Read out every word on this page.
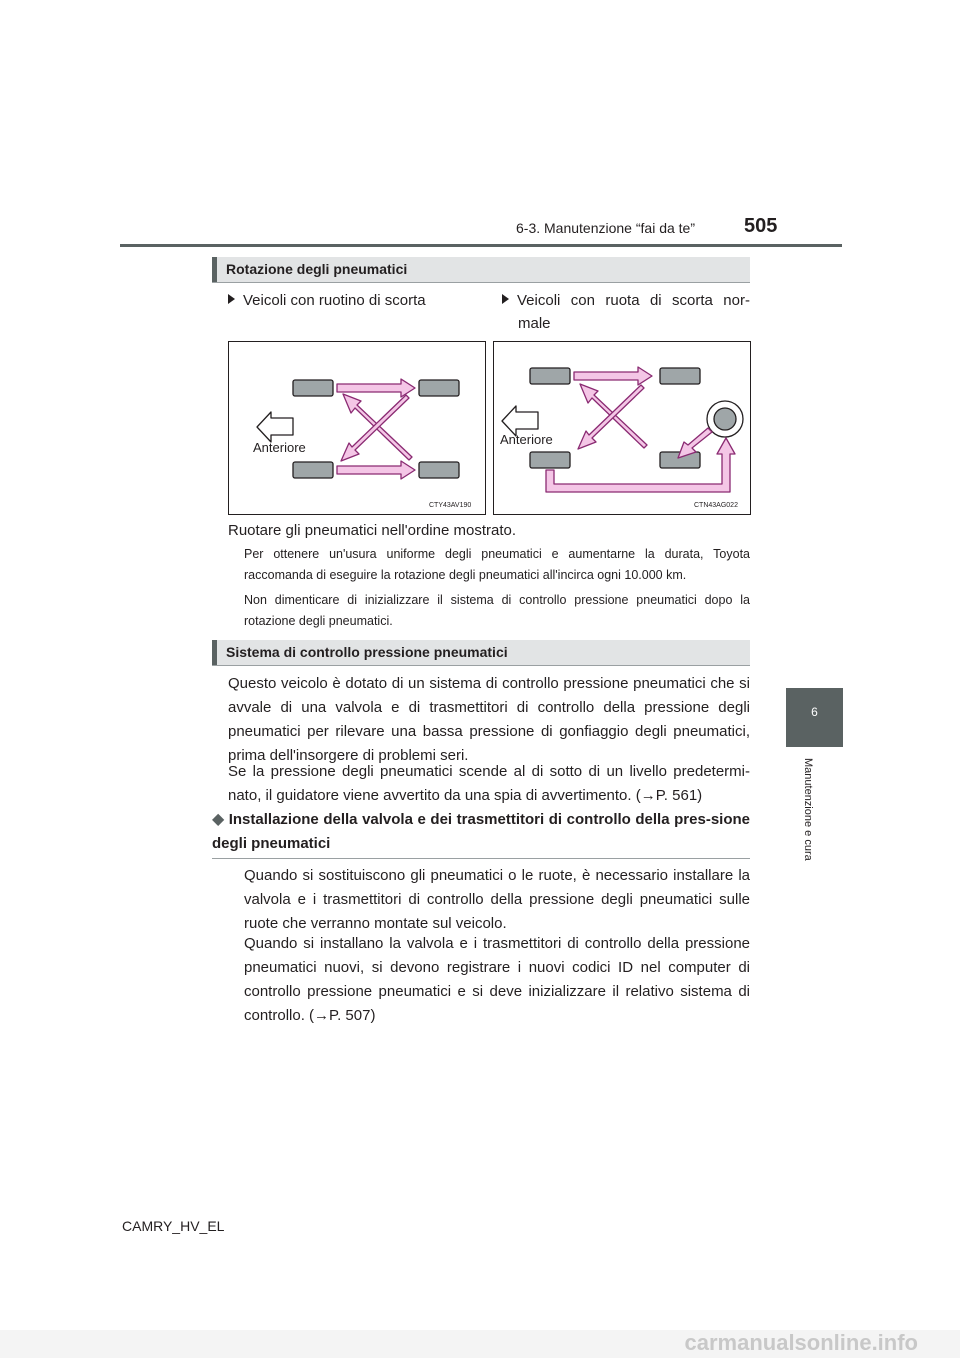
6-3. Manutenzione “fai da te” 505
6
Manutenzione e cura
Rotazione degli pneumatici
Veicoli con ruotino di scorta	Veicoli con ruota di scorta nor-
male
Anteriore
CTY43AV190
Anteriore
CTN43AG022
Ruotare gli pneumatici nell'ordine mostrato.
Per ottenere un'usura uniforme degli pneumatici e aumentarne la durata, Toyota raccomanda di eseguire la rotazione degli pneumatici all'incirca ogni 10.000 km.
Non dimenticare di inizializzare il sistema di controllo pressione pneumatici dopo la rotazione degli pneumatici.
Sistema di controllo pressione pneumatici
Questo veicolo è dotato di un sistema di controllo pressione pneumatici che si avvale di una valvola e di trasmettitori di controllo della pressione degli pneumatici per rilevare una bassa pressione di gonfiaggio degli pneumatici, prima dell'insorgere di problemi seri.
Se la pressione degli pneumatici scende al di sotto di un livello predetermi-nato, il guidatore viene avvertito da una spia di avvertimento. (→P. 561)
◆ Installazione della valvola e dei trasmettitori di controllo della pres-sione degli pneumatici
Quando si sostituiscono gli pneumatici o le ruote, è necessario installare la valvola e i trasmettitori di controllo della pressione degli pneumatici sulle ruote che verranno montate sul veicolo.
Quando si installano la valvola e i trasmettitori di controllo della pressione pneumatici nuovi, si devono registrare i nuovi codici ID nel computer di controllo pressione pneumatici e si deve inizializzare il relativo sistema di controllo. (→P. 507)
CAMRY_HV_EL
carmanualsonline.info
